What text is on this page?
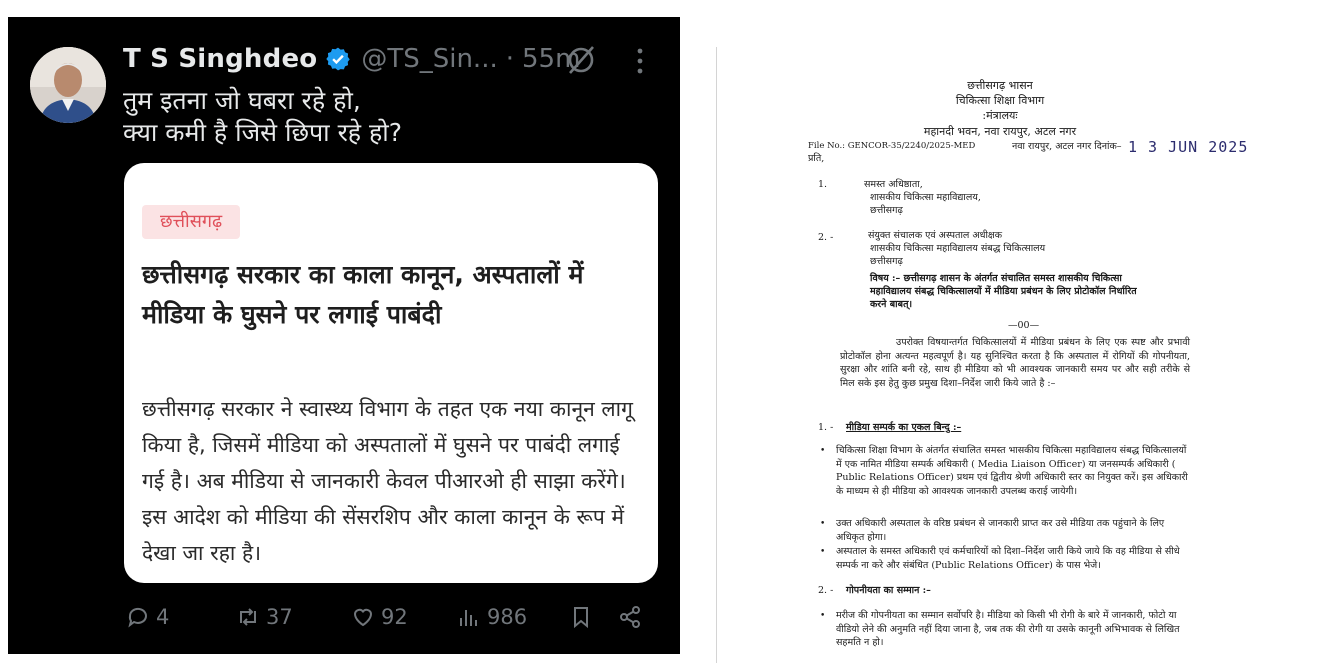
T S Singhdeo @TS_Sin... · 55m
तुम इतना जो घबरा रहे हो,
क्या कमी है जिसे छिपा रहे हो?
छत्तीसगढ़
छत्तीसगढ़ सरकार का काला कानून, अस्पतालों में मीडिया के घुसने पर लगाई पाबंदी
छत्तीसगढ़ सरकार ने स्वास्थ्य विभाग के तहत एक नया कानून लागू किया है, जिसमें मीडिया को अस्पतालों में घुसने पर पाबंदी लगाई गई है। अब मीडिया से जानकारी केवल पीआरओ ही साझा करेंगे। इस आदेश को मीडिया की सेंसरशिप और काला कानून के रूप में देखा जा रहा है।
4	37	92	986
छत्तीसगढ़ भासन
चिकित्सा शिक्षा विभाग
:मंत्रालयः
महानदी भवन, नवा रायपुर, अटल नगर
File No.: GENCOR-35/2240/2025-MED	नवा रायपुर, अटल नगर दिनांक– 1 3 JUN 2025
प्रति,
1.	समस्त अधिष्ठाता,
शासकीय चिकित्सा महाविद्यालय,
छत्तीसगढ़
2. -	संयुक्त संचालक एवं अस्पताल अधीक्षक
शासकीय चिकित्सा महाविद्यालय संबद्ध चिकित्सालय
छत्तीसगढ़
विषय :– छत्तीसगढ़ शासन के अंतर्गत संचालित समस्त शासकीय चिकित्सा
महाविद्यालय संबद्ध चिकित्सालयों में मीडिया प्रबंधन के लिए प्रोटोकॉल निर्धारित
करने बाबत्।
—00—
उपरोक्त विषयान्तर्गत चिकित्सालयों में मीडिया प्रबंधन के लिए एक स्पष्ट और प्रभावी प्रोटोकॉल होना अत्यन्त महत्वपूर्ण है। यह सुनिश्चित करता है कि अस्पताल में रोगियों की गोपनीयता, सुरक्षा और शांति बनी रहे, साथ ही मीडिया को भी आवश्यक जानकारी समय पर और सही तरीके से मिल सके इस हेतु कुछ प्रमुख दिशा–निर्देश जारी किये जाते है :–
1. - मीडिया सम्पर्क का एकल बिन्दु :–
• चिकित्सा शिक्षा विभाग के अंतर्गत संचालित समस्त भासकीय चिकित्सा महाविद्यालय संबद्ध चिकित्सालयों में एक नामित मीडिया सम्पर्क अधिकारी ( Media Liaison Officer) या जनसम्पर्क अधिकारी ( Public Relations Officer) प्रथम एवं द्वितीय श्रेणी अधिकारी स्तर का नियुक्त करें। इस अधिकारी के माध्यम से ही मीडिया को आवश्यक जानकारी उपलब्ध कराई जायेगी।
• उक्त अधिकारी अस्पताल के वरिष्ठ प्रबंधन से जानकारी प्राप्त कर उसे मीडिया तक पहुंचाने के लिए अधिकृत होगा।
• अस्पताल के समस्त अधिकारी एवं कर्मचारियों को दिशा–निर्देश जारी किये जाये कि वह मीडिया से सीधे सम्पर्क ना करे और संबंधित (Public Relations Officer) के पास भेजे।
2. - गोपनीयता का सम्मान :–
• मरीज की गोपनीयता का सम्मान सर्वोपरि है। मीडिया को किसी भी रोगी के बारे में जानकारी, फोटो या वीडियो लेने की अनुमति नहीं दिया जाना है, जब तक की रोगी या उसके कानूनी अभिभावक से लिखित सहमति न हो।
